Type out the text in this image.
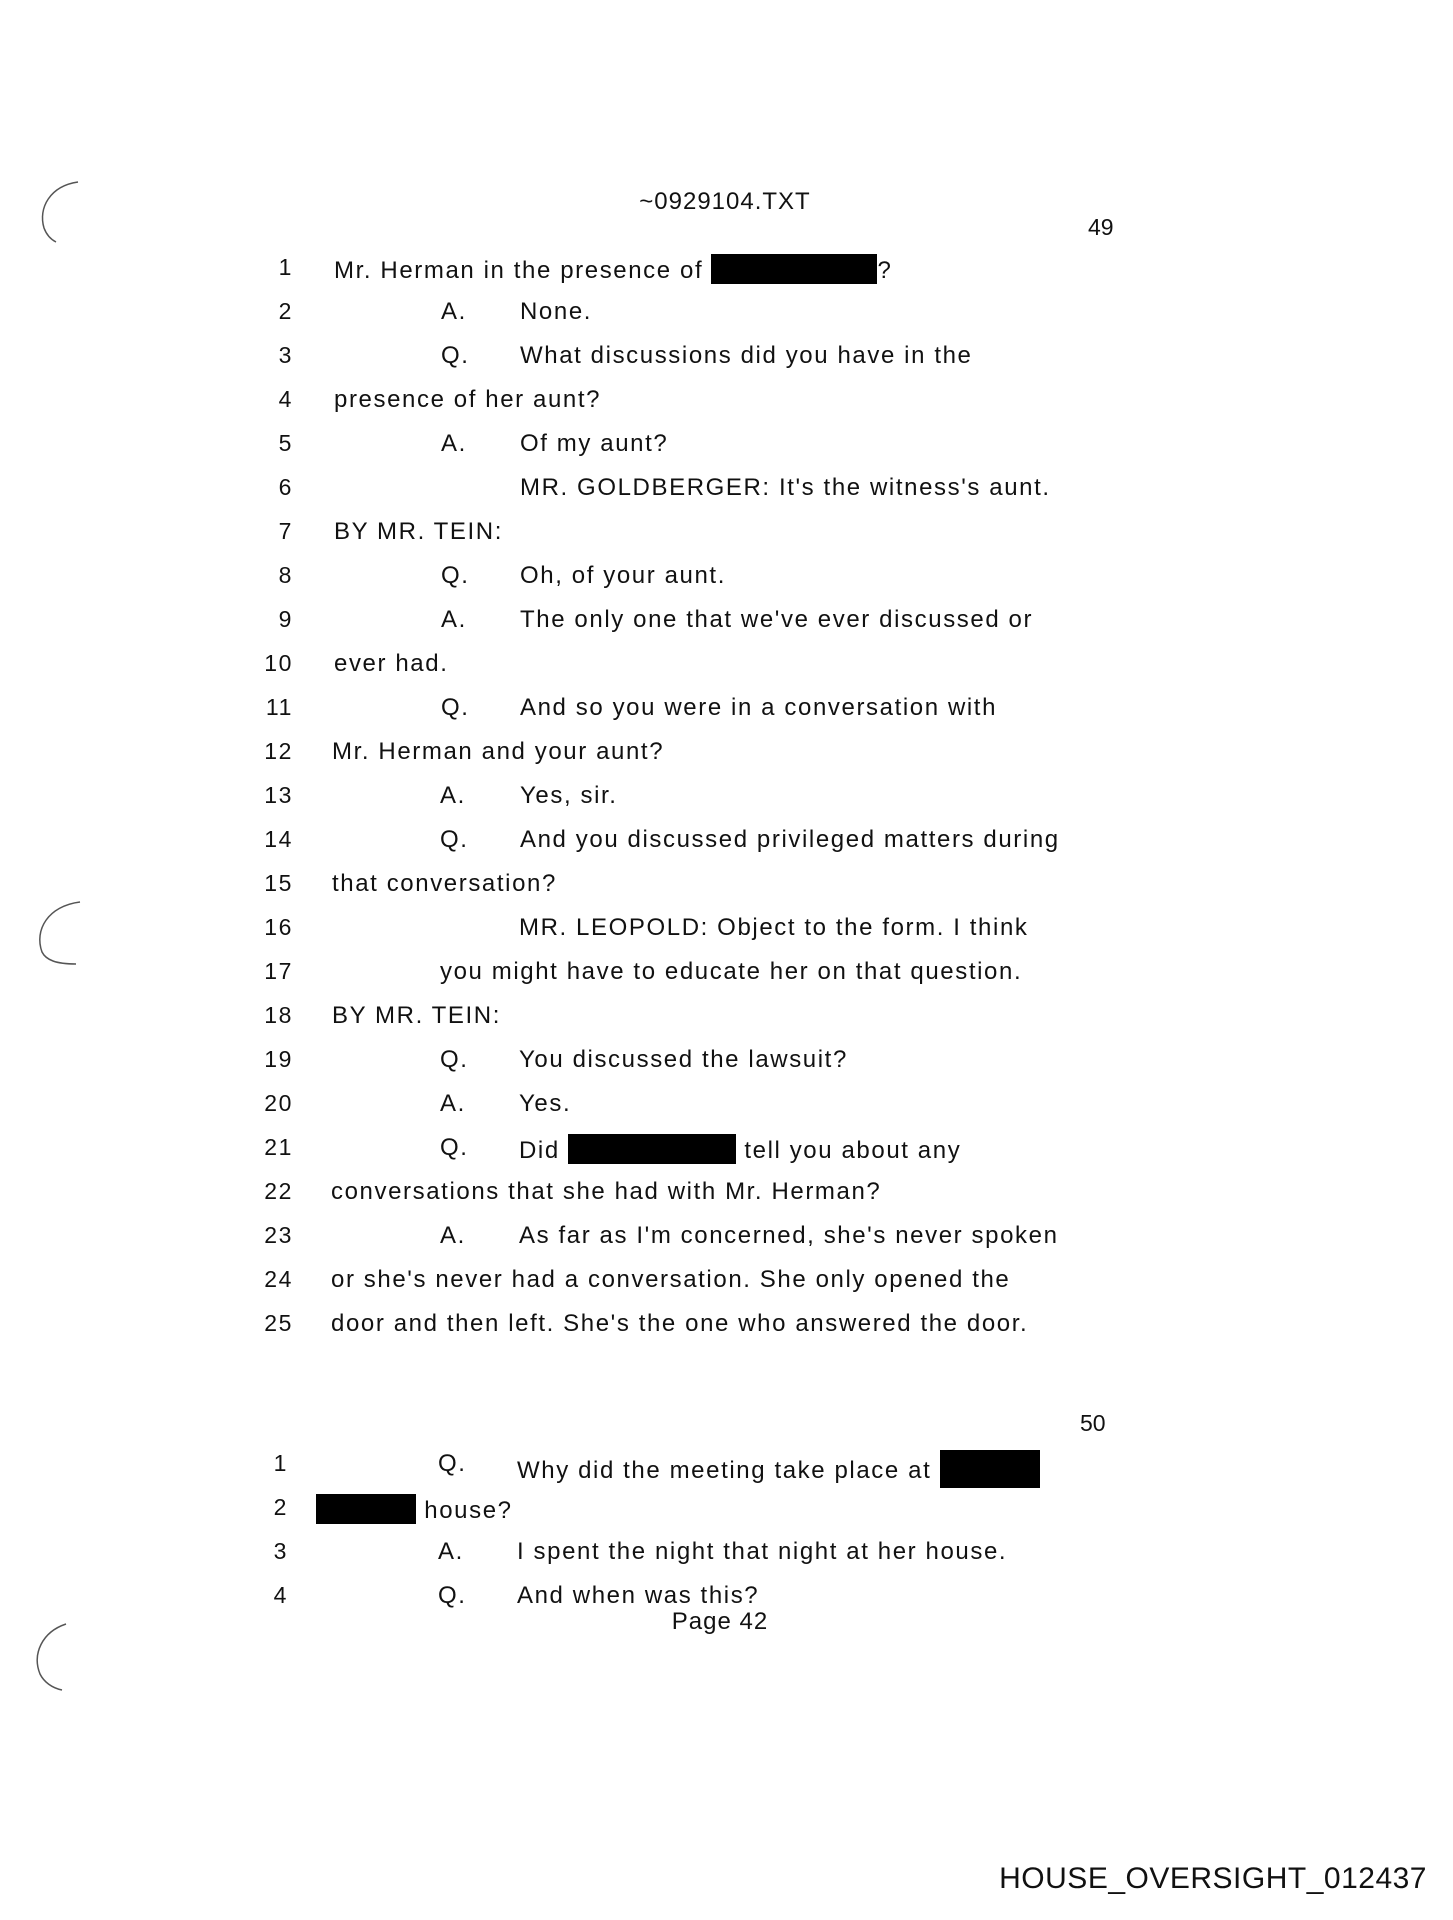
~0929104.TXT
49
1 Mr. Herman in the presence of	?
2	A. None.
3	Q. What discussions did you have in the
4 presence of her aunt?
5	A. Of my aunt?
6	MR. GOLDBERGER: It's the witness's aunt.
7 BY MR. TEIN:
8	Q. Oh, of your aunt.
9	A. The only one that we've ever discussed or
10 ever had.
11	Q. And so you were in a conversation with
12 Mr. Herman and your aunt?
13	A. Yes, sir.
14	Q. And you discussed privileged matters during
15 that conversation?
16	MR. LEOPOLD: Object to the form. I think
17	you might have to educate her on that question.
18 BY MR. TEIN:
19	Q. You discussed the lawsuit?
20	A. Yes.
21	Q. Did	tell you about any
22 conversations that she had with Mr. Herman?
23	A. As far as I'm concerned, she's never spoken
24 or she's never had a conversation. She only opened the
25 door and then left. She's the one who answered the door.
50
1	Q. Why did the meeting take place at
2	house?
3	A. I spent the night that night at her house.
4	Q. And when was this?
Page 42
HOUSE_OVERSIGHT_012437
